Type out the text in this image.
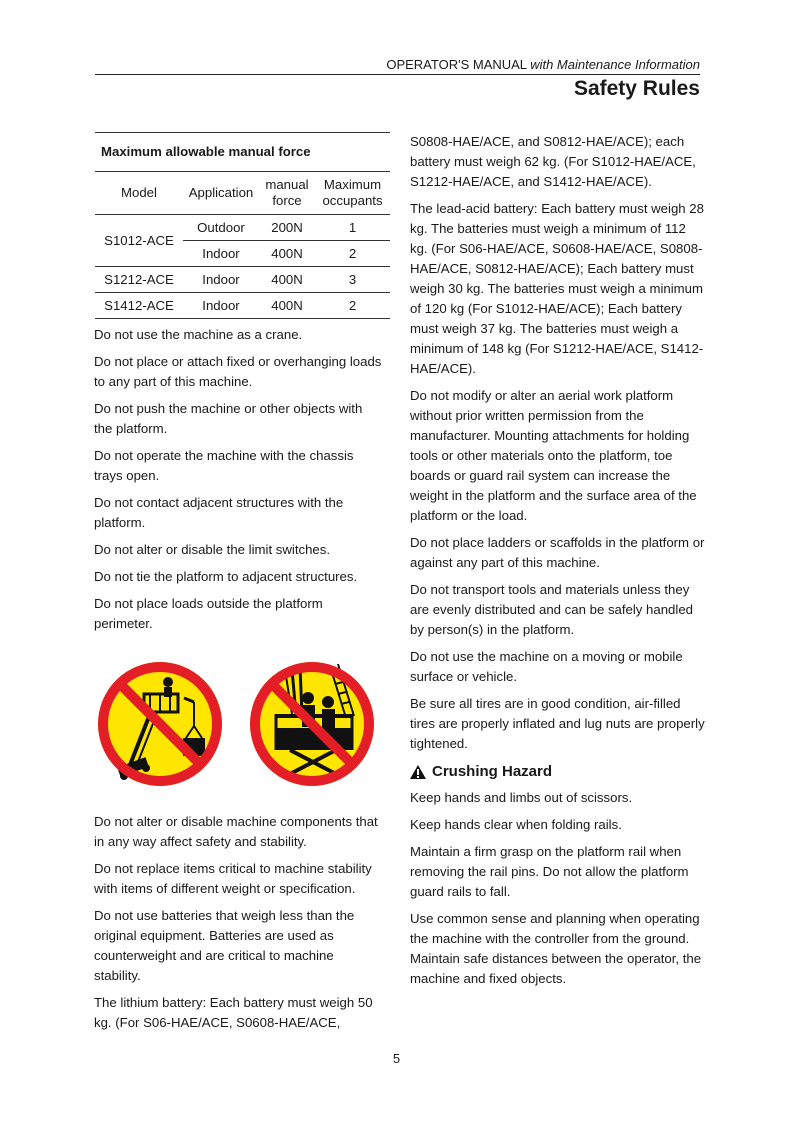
OPERATOR'S MANUAL with Maintenance Information
Safety Rules
Maximum allowable manual force			
Model	Application	manual force	Maximum occupants
S1012-ACE	Outdoor	200N	1
	Indoor	400N	2
S1212-ACE	Indoor	400N	3
S1412-ACE	Indoor	400N	2

Do not use the machine as a crane.

Do not place or attach fixed or overhanging loads to any part of this machine.

Do not push the machine or other objects with the platform.

Do not operate the machine with the chassis trays open.

Do not contact adjacent structures with the platform.

Do not alter or disable the limit switches.

Do not tie the platform to adjacent structures.

Do not place loads outside the platform perimeter.

Do not alter or disable machine components that in any way affect safety and stability.

Do not replace items critical to machine stability with items of different weight or specification.

Do not use batteries that weigh less than the original equipment. Batteries are used as counterweight and are critical to machine stability.

The lithium battery: Each battery must weigh 50 kg. (For S06-HAE/ACE, S0608-HAE/ACE,

S0808-HAE/ACE, and S0812-HAE/ACE); each battery must weigh 62 kg. (For S1012-HAE/ACE, S1212-HAE/ACE, and S1412-HAE/ACE).

The lead-acid battery: Each battery must weigh 28 kg. The batteries must weigh a minimum of 112 kg. (For S06-HAE/ACE, S0608-HAE/ACE, S0808-HAE/ACE, S0812-HAE/ACE); Each battery must weigh 30 kg. The batteries must weigh a minimum of 120 kg (For S1012-HAE/ACE); Each battery must weigh 37 kg. The batteries must weigh a minimum of 148 kg (For S1212-HAE/ACE, S1412-HAE/ACE).

Do not modify or alter an aerial work platform without prior written permission from the manufacturer. Mounting attachments for holding tools or other materials onto the platform, toe boards or guard rail system can increase the weight in the platform and the surface area of the platform or the load.

Do not place ladders or scaffolds in the platform or against any part of this machine.

Do not transport tools and materials unless they are evenly distributed and can be safely handled by person(s) in the platform.

Do not use the machine on a moving or mobile surface or vehicle.

Be sure all tires are in good condition, air-filled tires are properly inflated and lug nuts are properly tightened.

Crushing Hazard

Keep hands and limbs out of scissors.

Keep hands clear when folding rails.

Maintain a firm grasp on the platform rail when removing the rail pins. Do not allow the platform guard rails to fall.

Use common sense and planning when operating the machine with the controller from the ground. Maintain safe distances between the operator, the machine and fixed objects.

5
